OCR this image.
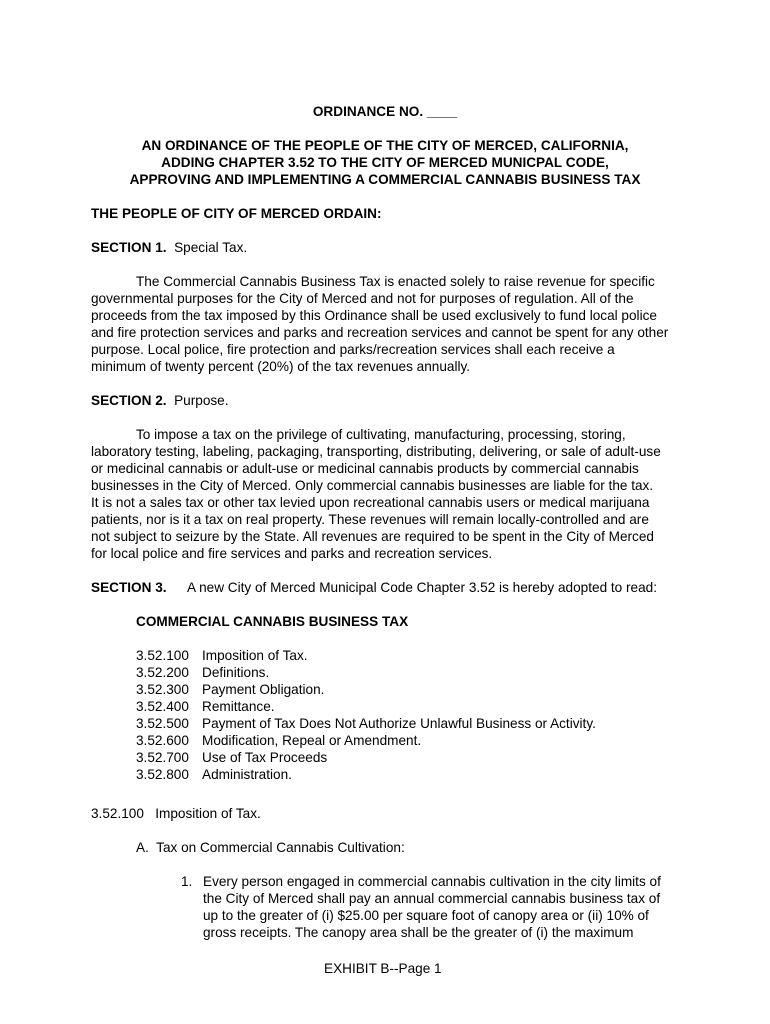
ORDINANCE NO. ____
AN ORDINANCE OF THE PEOPLE OF THE CITY OF MERCED, CALIFORNIA,
ADDING CHAPTER 3.52 TO THE CITY OF MERCED MUNICPAL CODE,
APPROVING AND IMPLEMENTING A COMMERCIAL CANNABIS BUSINESS TAX
THE PEOPLE OF CITY OF MERCED ORDAIN:
SECTION 1. Special Tax.
The Commercial Cannabis Business Tax is enacted solely to raise revenue for specific
governmental purposes for the City of Merced and not for purposes of regulation. All of the
proceeds from the tax imposed by this Ordinance shall be used exclusively to fund local police
and fire protection services and parks and recreation services and cannot be spent for any other
purpose. Local police, fire protection and parks/recreation services shall each receive a
minimum of twenty percent (20%) of the tax revenues annually.
SECTION 2. Purpose.
To impose a tax on the privilege of cultivating, manufacturing, processing, storing,
laboratory testing, labeling, packaging, transporting, distributing, delivering, or sale of adult-use
or medicinal cannabis or adult-use or medicinal cannabis products by commercial cannabis
businesses in the City of Merced. Only commercial cannabis businesses are liable for the tax.
It is not a sales tax or other tax levied upon recreational cannabis users or medical marijuana
patients, nor is it a tax on real property. These revenues will remain locally-controlled and are
not subject to seizure by the State. All revenues are required to be spent in the City of Merced
for local police and fire services and parks and recreation services.
SECTION 3. A new City of Merced Municipal Code Chapter 3.52 is hereby adopted to read:
COMMERCIAL CANNABIS BUSINESS TAX
3.52.100 Imposition of Tax.
3.52.200 Definitions.
3.52.300 Payment Obligation.
3.52.400 Remittance.
3.52.500 Payment of Tax Does Not Authorize Unlawful Business or Activity.
3.52.600 Modification, Repeal or Amendment.
3.52.700 Use of Tax Proceeds
3.52.800 Administration.
3.52.100   Imposition of Tax.
A.  Tax on Commercial Cannabis Cultivation:
1. Every person engaged in commercial cannabis cultivation in the city limits of
the City of Merced shall pay an annual commercial cannabis business tax of
up to the greater of (i) $25.00 per square foot of canopy area or (ii) 10% of
gross receipts. The canopy area shall be the greater of (i) the maximum
EXHIBIT B--Page 1
